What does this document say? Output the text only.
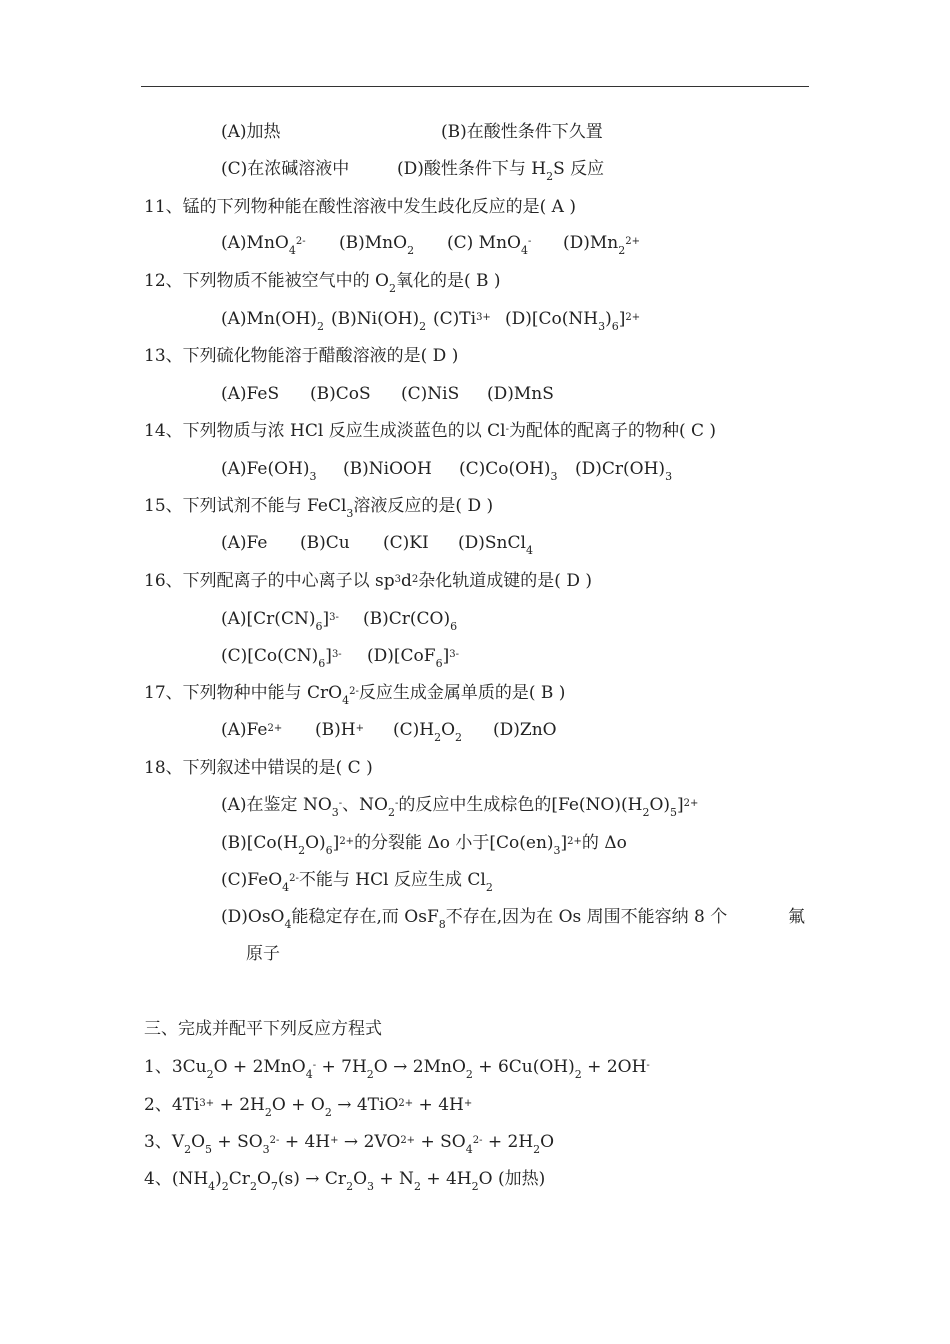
(A)加热	(B)在酸性条件下久置
(C)在浓碱溶液中	(D)酸性条件下与 $H_2S$ 反应
11、锰的下列物种能在酸性溶液中发生歧化反应的是( A )
(A)MnO$_4^{2-}$ (B)MnO$_2$ (C) MnO$_4$- $(D)Mn_2^{2+}$
12、下列物质不能被空气中的 $O_2$氧化的是( B )
$(A)Mn(OH)_2$ $(B)Ni(OH)_2$ $(C)Ti^{3+}$ $(D)[Co(NH_3)_6]^{2+}$
13、下列硫化物能溶于醋酸溶液的是( D )
(A)FeS (B)CoS (C)NiS (D)MnS
14、下列物质与浓 HCl 反应生成淡蓝色的以 Cl-为配体的配离子的物种( C )
$(A)Fe(OH)_3$ (B)NiOOH $(C)Co(OH)_3$ $(D)Cr(OH)_3$
15、下列试剂不能与 FeCl$_3$溶液反应的是( D )
(A)Fe (B)Cu (C)KI (D)SnCl$_4$
16、下列配离子的中心离子以 $sp^3d^2$杂化轨道成键的是( D )
$(A)[Cr(CN)_6]^{3-}$ $(B)Cr(CO)_6$
$(C)[Co(CN)_6]^{3-}$ $(D)[CoF_6]^{3-}$
17、下列物种中能与 CrO$_4^{2-}$反应生成金属单质的是( B )
$(A)Fe^{2+}$ (B)H+ $(C)H_2O_2$ (D)ZnO
18、下列叙述中错误的是( C )
(A)在鉴定 $NO_3^-$、$NO_2^-$的反应中生成棕色的$[Fe(NO)(H_2O)_5]^{2+}$
$(B)[Co(H_2O)_6]^{2+}$的分裂能 Δo 小于$[Co(en)_3]^{2+}$的 Δo
(C)FeO$_4^{2-}$不能与 HCl 反应生成 $Cl_2$
(D)OsO$_4$能稳定存在,而 OsF$_8$不存在,因为在 Os 周围不能容纳 8 个	氟
原子
三、完成并配平下列反应方程式
1、$3Cu_2O + 2MnO_4^- + 7H_2O \to 2MnO_2 + 6Cu(OH)_2 + 2OH^-$
2、$4Ti^{3+} + 2H_2O + O_2 \to 4TiO^{2+} + 4H^+$
3、$V_2O_5 + SO_3^{2-} + 4H^+ \to 2VO^{2+} + SO_4^{2-} + 2H_2O$
4、$(NH_4)_2Cr_2O_7(s) \to Cr_2O_3 + N_2 + 4H_2O$ (加热)
